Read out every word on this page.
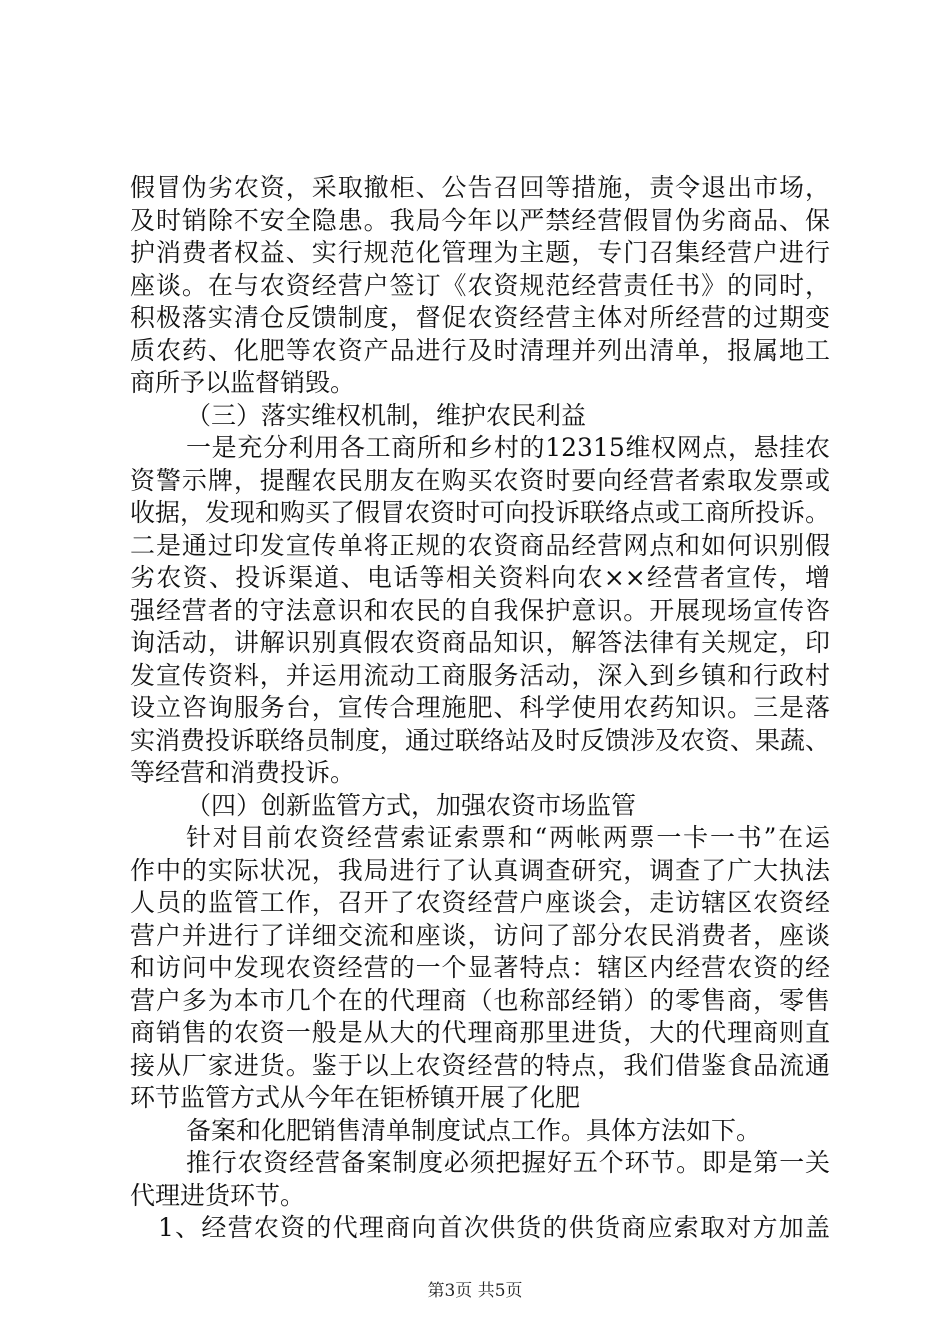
假冒伪劣农资，采取撤柜、公告召回等措施，责令退出市场，
及时销除不安全隐患。我局今年以严禁经营假冒伪劣商品、保
护消费者权益、实行规范化管理为主题，专门召集经营户进行
座谈。在与农资经营户签订《农资规范经营责任书》的同时，
积极落实清仓反馈制度，督促农资经营主体对所经营的过期变
质农药、化肥等农资产品进行及时清理并列出清单，报属地工
商所予以监督销毁。
（三）落实维权机制，维护农民利益
一是充分利用各工商所和乡村的12315维权网点，悬挂农
资警示牌，提醒农民朋友在购买农资时要向经营者索取发票或
收据，发现和购买了假冒农资时可向投诉联络点或工商所投诉。
二是通过印发宣传单将正规的农资商品经营网点和如何识别假
劣农资、投诉渠道、电话等相关资料向农××经营者宣传，增
强经营者的守法意识和农民的自我保护意识。开展现场宣传咨
询活动，讲解识别真假农资商品知识，解答法律有关规定，印
发宣传资料，并运用流动工商服务活动，深入到乡镇和行政村
设立咨询服务台，宣传合理施肥、科学使用农药知识。三是落
实消费投诉联络员制度，通过联络站及时反馈涉及农资、果蔬、
等经营和消费投诉。
（四）创新监管方式，加强农资市场监管
针对目前农资经营索证索票和“两帐两票一卡一书”在运
作中的实际状况，我局进行了认真调查研究，调查了广大执法
人员的监管工作，召开了农资经营户座谈会，走访辖区农资经
营户并进行了详细交流和座谈，访问了部分农民消费者，座谈
和访问中发现农资经营的一个显著特点：辖区内经营农资的经
营户多为本市几个在的代理商（也称部经销）的零售商，零售
商销售的农资一般是从大的代理商那里进货，大的代理商则直
接从厂家进货。鉴于以上农资经营的特点，我们借鉴食品流通
环节监管方式从今年在钜桥镇开展了化肥
备案和化肥销售清单制度试点工作。具体方法如下。
推行农资经营备案制度必须把握好五个环节。即是第一关
代理进货环节。
1、经营农资的代理商向首次供货的供货商应索取对方加盖
第3页 共5页
